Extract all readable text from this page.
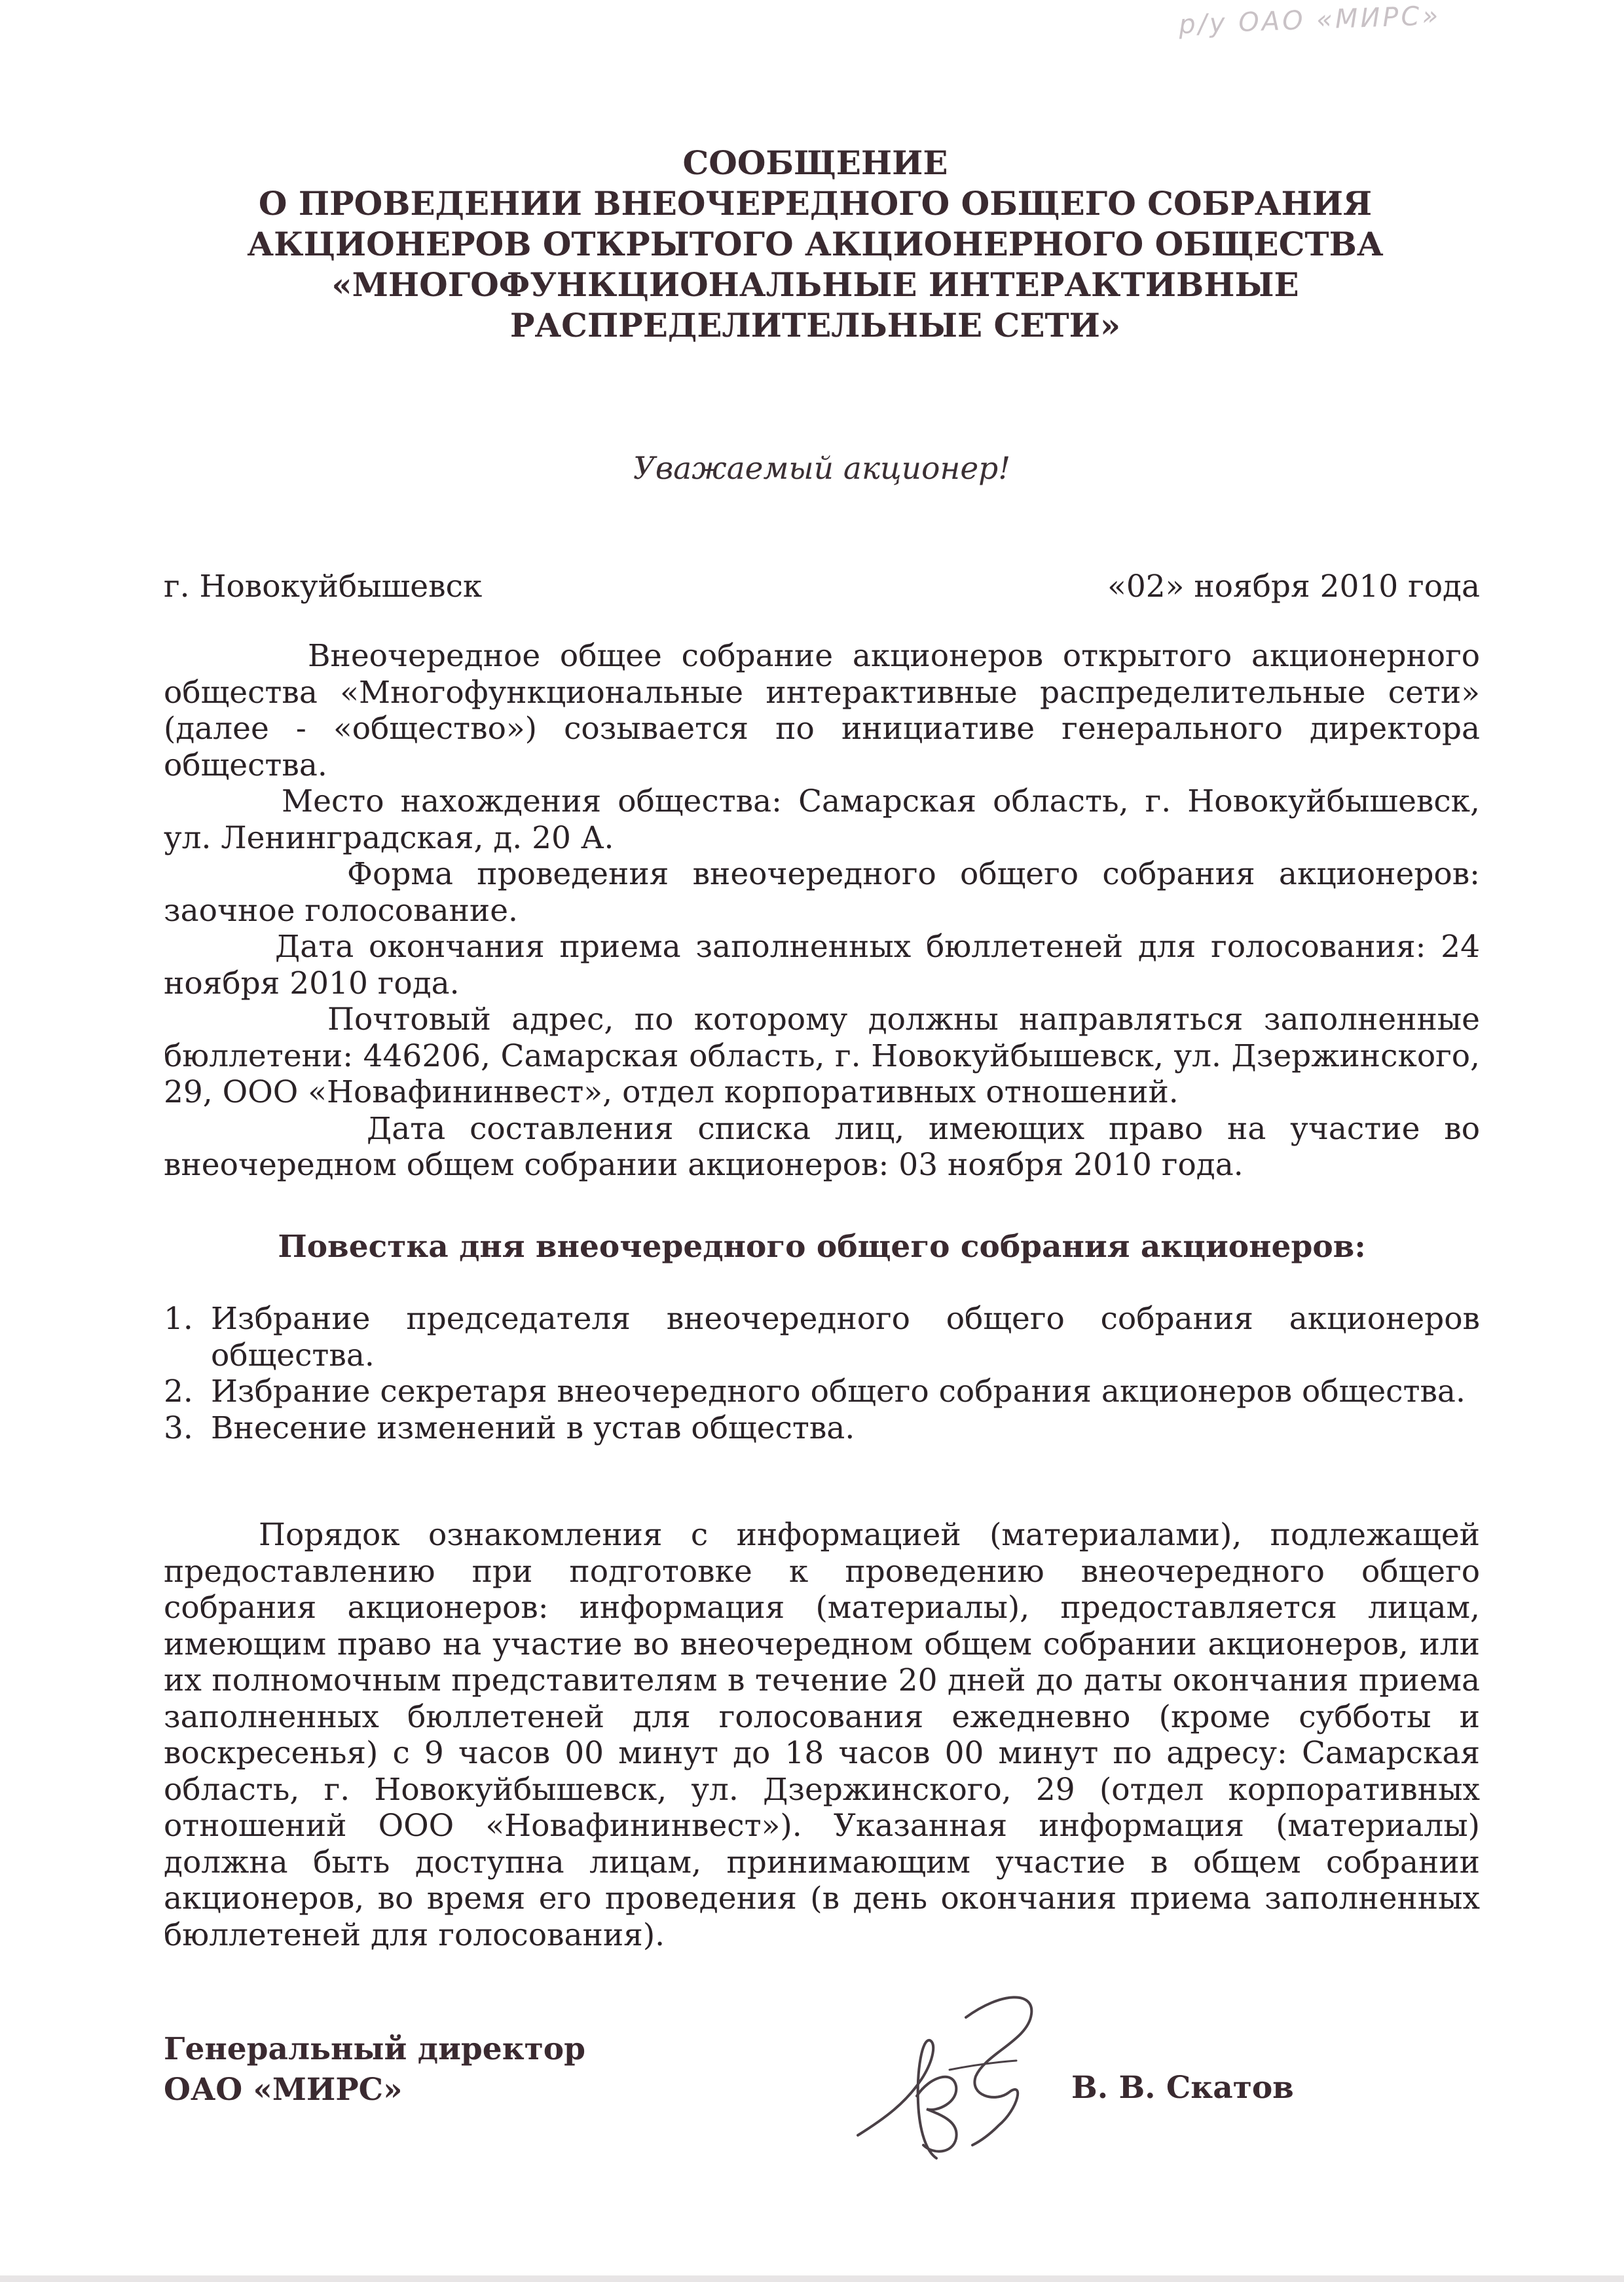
р/у ОАО «МИРС»
СООБЩЕНИЕ
О ПРОВЕДЕНИИ ВНЕОЧЕРЕДНОГО ОБЩЕГО СОБРАНИЯ
АКЦИОНЕРОВ ОТКРЫТОГО АКЦИОНЕРНОГО ОБЩЕСТВА
«МНОГОФУНКЦИОНАЛЬНЫЕ ИНТЕРАКТИВНЫЕ
РАСПРЕДЕЛИТЕЛЬНЫЕ СЕТИ»
Уважаемый акционер!
г. Новокуйбышевск	«02» ноября 2010 года

Внеочередное общее собрание акционеров открытого акционерного общества «Многофункциональные интерактивные распределительные сети» (далее - «общество») созывается по инициативе генерального директора общества.

Место нахождения общества: Самарская область, г. Новокуйбышевск, ул. Ленинградская, д. 20 А.

Форма проведения внеочередного общего собрания акционеров: заочное голосование.

Дата окончания приема заполненных бюллетеней для голосования: 24 ноября 2010 года.

Почтовый адрес, по которому должны направляться заполненные бюллетени: 446206, Самарская область, г. Новокуйбышевск, ул. Дзержинского, 29, ООО «Новафининвест», отдел корпоративных отношений.

Дата составления списка лиц, имеющих право на участие во внеочередном общем собрании акционеров: 03 ноября 2010 года.

Повестка дня внеочередного общего собрания акционеров:
1. Избрание председателя внеочередного общего собрания акционеров общества.
2. Избрание секретаря внеочередного общего собрания акционеров общества.
3. Внесение изменений в устав общества.

Порядок ознакомления с информацией (материалами), подлежащей предоставлению при подготовке к проведению внеочередного общего собрания акционеров: информация (материалы), предоставляется лицам, имеющим право на участие во внеочередном общем собрании акционеров, или их полномочным представителям в течение 20 дней до даты окончания приема заполненных бюллетеней для голосования ежедневно (кроме субботы и воскресенья) с 9 часов 00 минут до 18 часов 00 минут по адресу: Самарская область, г. Новокуйбышевск, ул. Дзержинского, 29 (отдел корпоративных отношений ООО «Новафининвест»). Указанная информация (материалы) должна быть доступна лицам, принимающим участие в общем собрании акционеров, во время его проведения (в день окончания приема заполненных бюллетеней для голосования).

Генеральный директор
ОАО «МИРС»	В. В. Скатов
